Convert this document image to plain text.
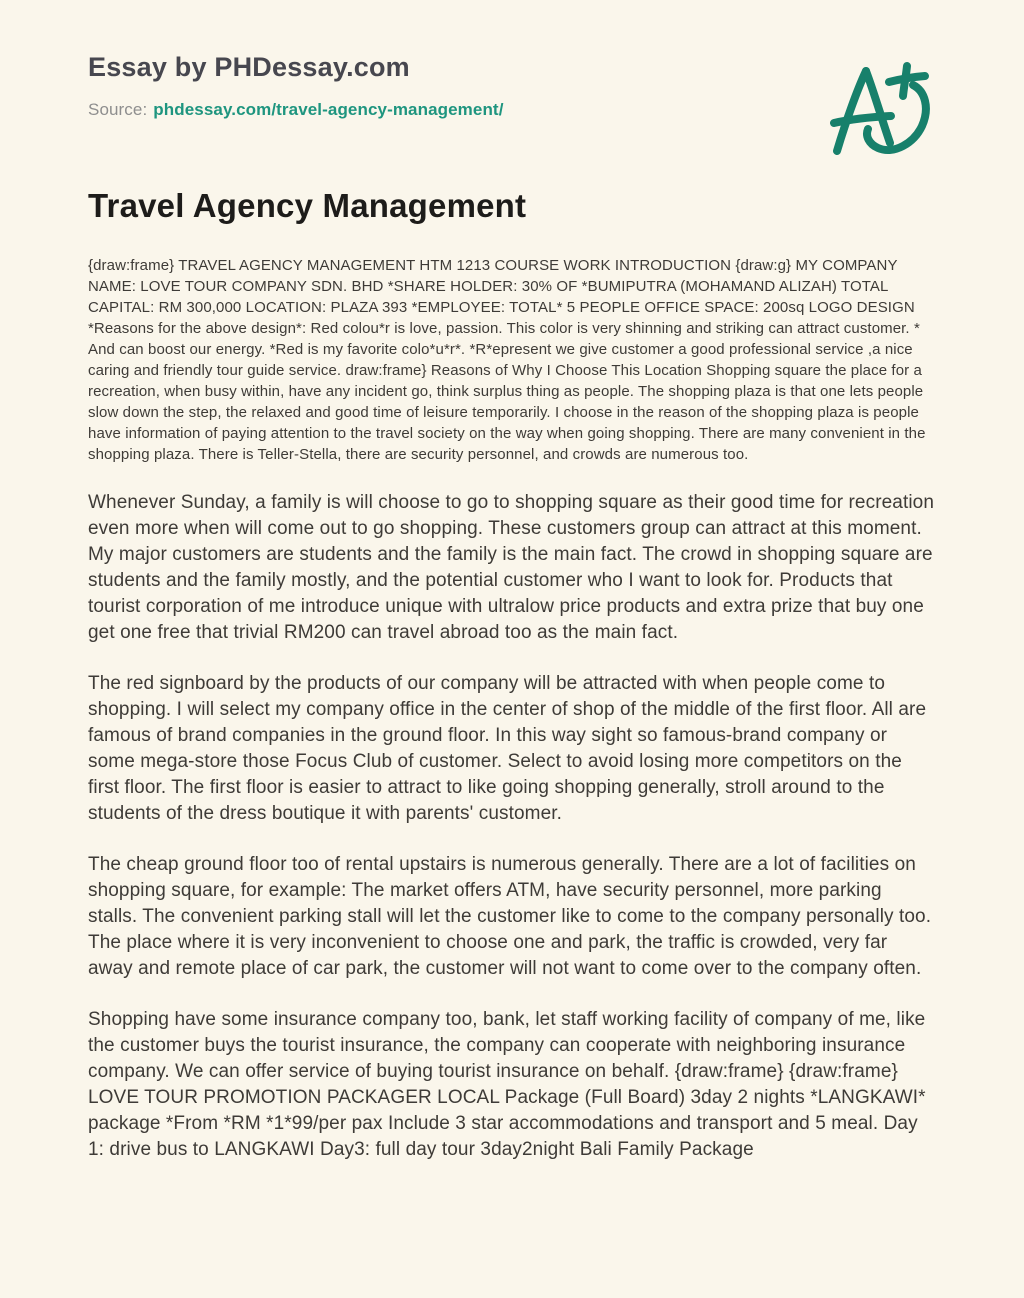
Essay by PHDessay.com
Source: phdessay.com/travel-agency-management/
Travel Agency Management

{draw:frame} TRAVEL AGENCY MANAGEMENT HTM 1213 COURSE WORK INTRODUCTION {draw:g} MY COMPANY NAME: LOVE TOUR COMPANY SDN. BHD *SHARE HOLDER: 30% OF *BUMIPUTRA (MOHAMAND ALIZAH) TOTAL CAPITAL: RM 300,000 LOCATION: PLAZA 393 *EMPLOYEE: TOTAL* 5 PEOPLE OFFICE SPACE: 200sq LOGO DESIGN *Reasons for the above design*: Red colou*r is love, passion. This color is very shinning and striking can attract customer. * And can boost our energy. *Red is my favorite colo*u*r*. *R*epresent we give customer a good professional service ,a nice caring and friendly tour guide service. draw:frame} Reasons of Why I Choose This Location Shopping square the place for a recreation, when busy within, have any incident go, think surplus thing as people. The shopping plaza is that one lets people slow down the step, the relaxed and good time of leisure temporarily. I choose in the reason of the shopping plaza is people have information of paying attention to the travel society on the way when going shopping. There are many convenient in the shopping plaza. There is Teller-Stella, there are security personnel, and crowds are numerous too.

Whenever Sunday, a family is will choose to go to shopping square as their good time for recreation even more when will come out to go shopping. These customers group can attract at this moment. My major customers are students and the family is the main fact. The crowd in shopping square are students and the family mostly, and the potential customer who I want to look for. Products that tourist corporation of me introduce unique with ultralow price products and extra prize that buy one get one free that trivial RM200 can travel abroad too as the main fact.

The red signboard by the products of our company will be attracted with when people come to shopping. I will select my company office in the center of shop of the middle of the first floor. All are famous of brand companies in the ground floor. In this way sight so famous-brand company or some mega-store those Focus Club of customer. Select to avoid losing more competitors on the first floor. The first floor is easier to attract to like going shopping generally, stroll around to the students of the dress boutique it with parents' customer.

The cheap ground floor too of rental upstairs is numerous generally. There are a lot of facilities on shopping square, for example: The market offers ATM, have security personnel, more parking stalls. The convenient parking stall will let the customer like to come to the company personally too. The place where it is very inconvenient to choose one and park, the traffic is crowded, very far away and remote place of car park, the customer will not want to come over to the company often.

Shopping have some insurance company too, bank, let staff working facility of company of me, like the customer buys the tourist insurance, the company can cooperate with neighboring insurance company. We can offer service of buying tourist insurance on behalf. {draw:frame} {draw:frame} LOVE TOUR PROMOTION PACKAGER LOCAL Package (Full Board) 3day 2 nights *LANGKAWI* package *From *RM *1*99/per pax Include 3 star accommodations and transport and 5 meal. Day 1: drive bus to LANGKAWI Day3: full day tour 3day2night Bali Family Package
